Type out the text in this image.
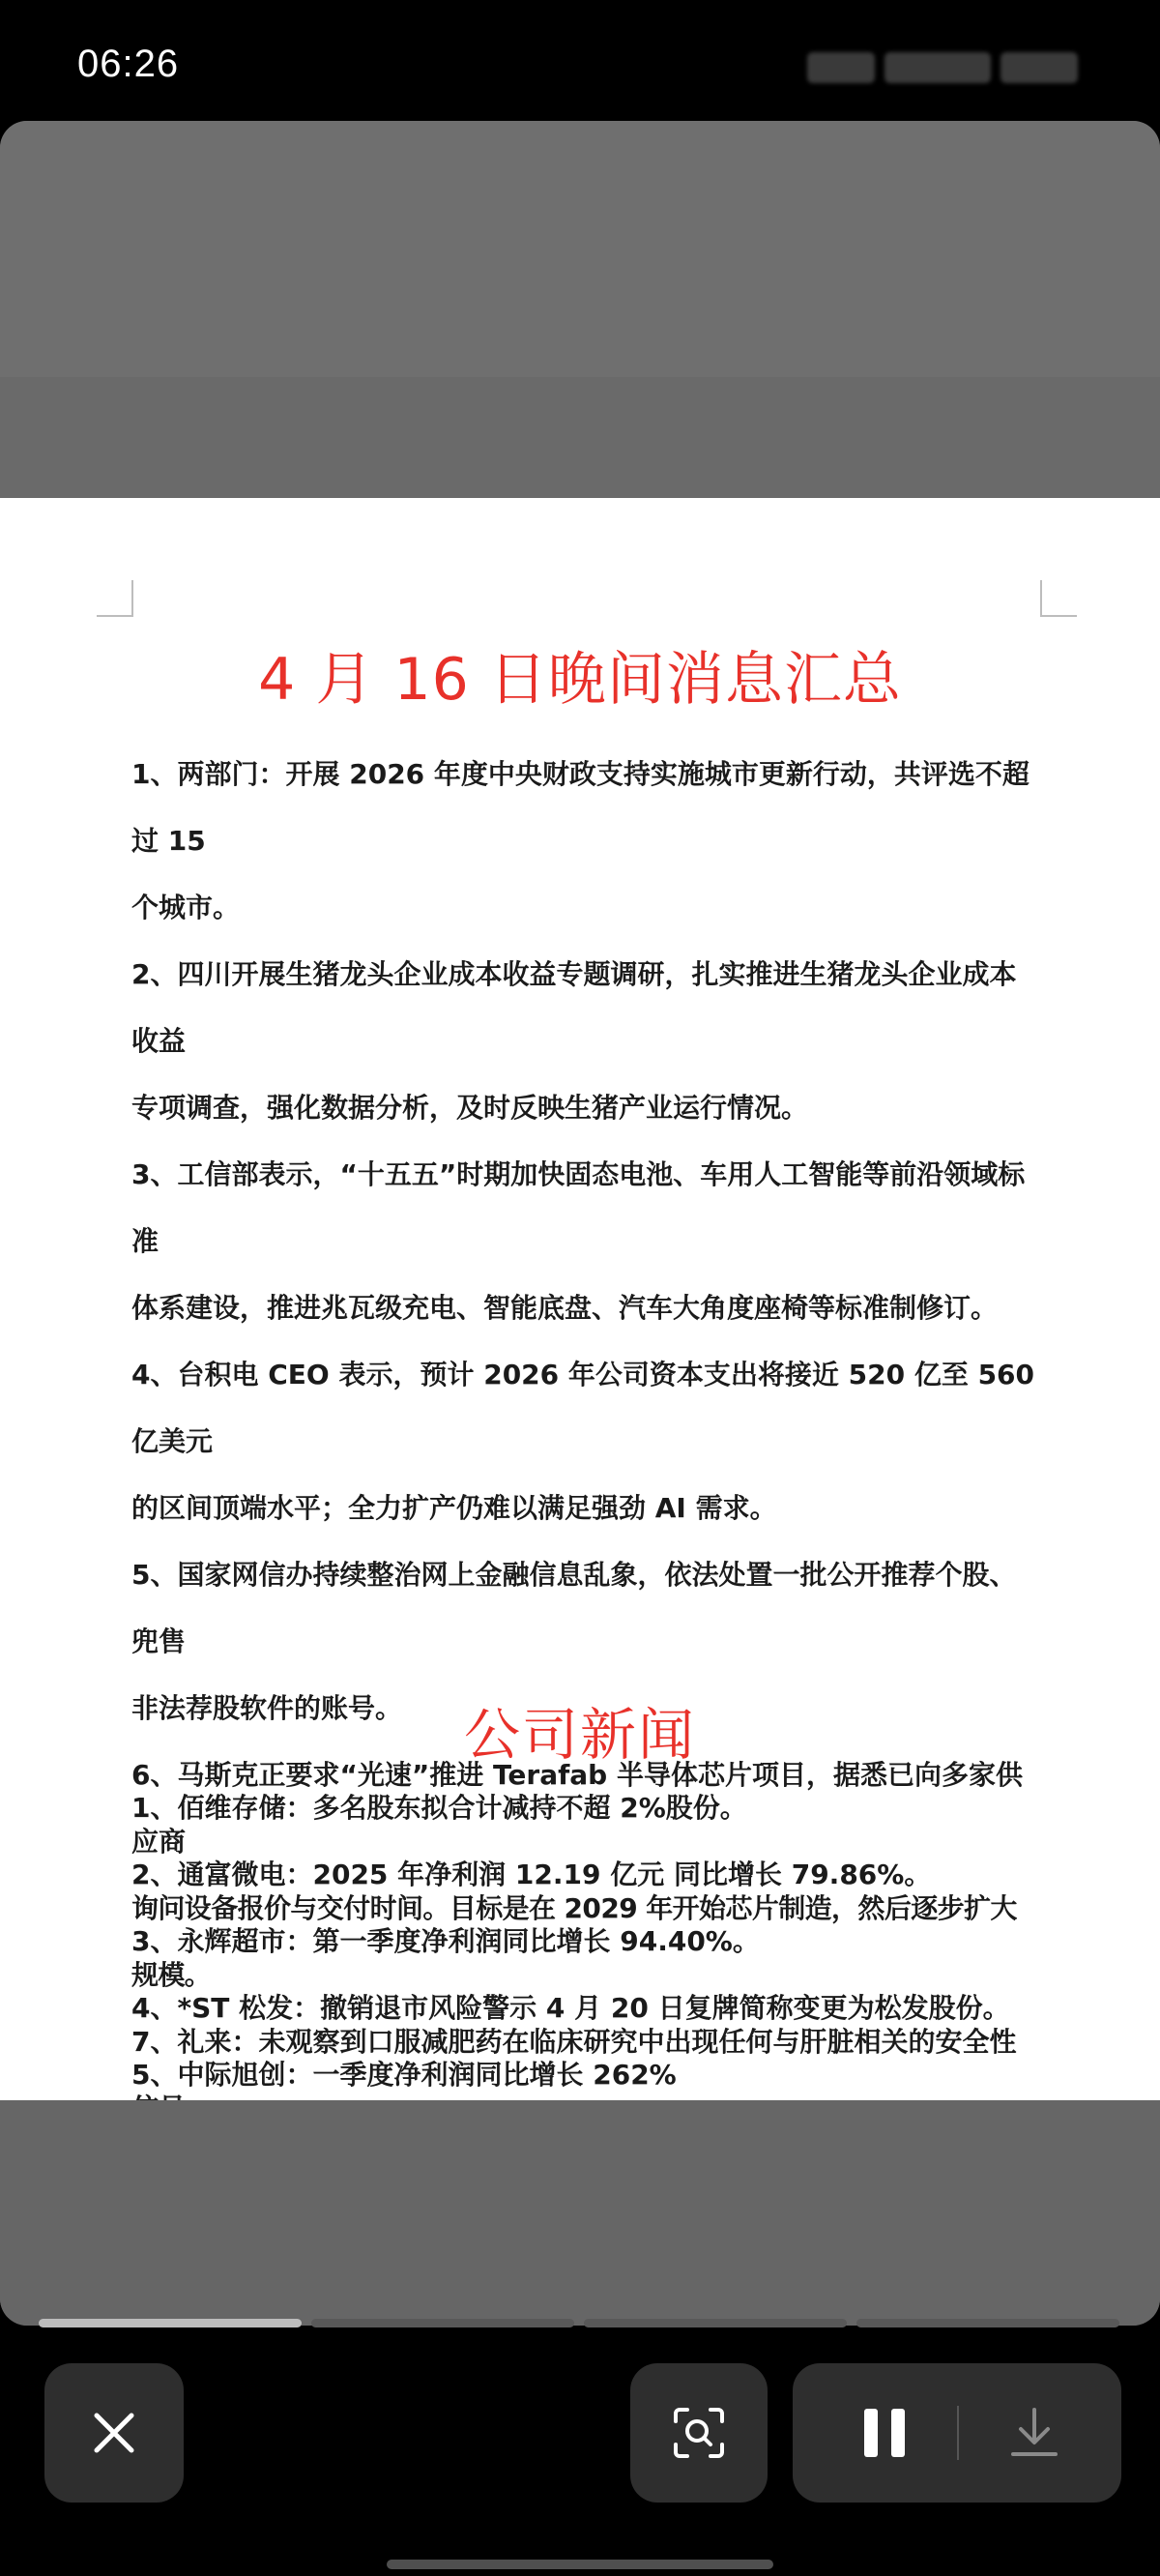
06:26
4 月 16 日晚间消息汇总
1、两部门：开展 2026 年度中央财政支持实施城市更新行动，共评选不超过 15
个城市。
2、四川开展生猪龙头企业成本收益专题调研，扎实推进生猪龙头企业成本收益
专项调查，强化数据分析，及时反映生猪产业运行情况。
3、工信部表示，“十五五”时期加快固态电池、车用人工智能等前沿领域标准
体系建设，推进兆瓦级充电、智能底盘、汽车大角度座椅等标准制修订。
4、台积电 CEO 表示，预计 2026 年公司资本支出将接近 520 亿至 560 亿美元
的区间顶端水平；全力扩产仍难以满足强劲 AI 需求。
5、国家网信办持续整治网上金融信息乱象，依法处置一批公开推荐个股、兜售
非法荐股软件的账号。
6、马斯克正要求“光速”推进 Terafab 半导体芯片项目，据悉已向多家供应商
询问设备报价与交付时间。目标是在 2029 年开始芯片制造，然后逐步扩大规模。
7、礼来：未观察到口服减肥药在临床研究中出现任何与肝脏相关的安全性
公司新闻
1、佰维存储：多名股东拟合计减持不超 2%股份。
2、通富微电：2025 年净利润 12.19 亿元 同比增长 79.86%。
3、永辉超市：第一季度净利润同比增长 94.40%。
4、*ST 松发：撤销退市风险警示 4 月 20 日复牌简称变更为松发股份。
5、中际旭创：一季度净利润同比增长 262%
